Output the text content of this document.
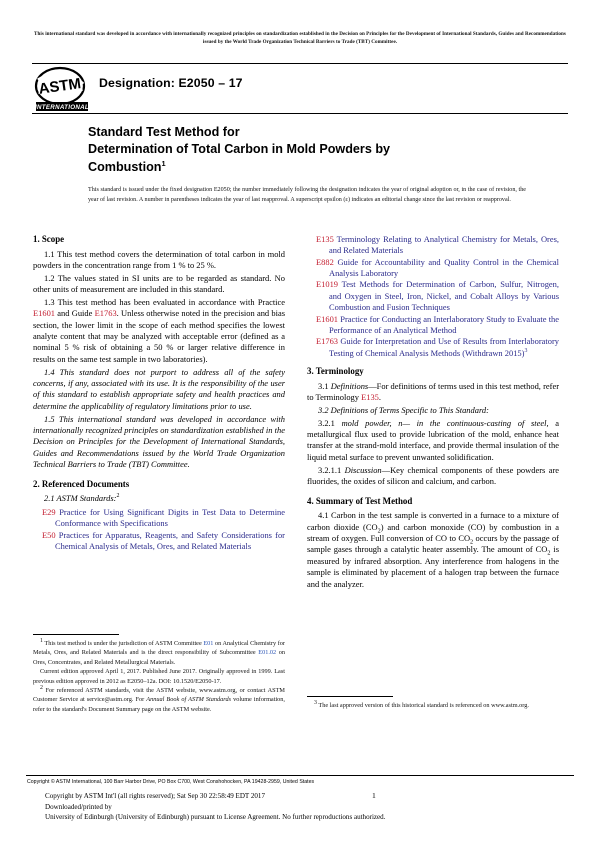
This international standard was developed in accordance with internationally recognized principles on standardization established in the Decision on Principles for the Development of International Standards, Guides and Recommendations issued by the World Trade Organization Technical Barriers to Trade (TBT) Committee.
ASTM
INTERNATIONAL
Designation: E2050 – 17
Standard Test Method for
Determination of Total Carbon in Mold Powders by
Combustion$^1$
This standard is issued under the fixed designation E2050; the number immediately following the designation indicates the year of original adoption or, in the case of revision, the year of last revision. A number in parentheses indicates the year of last reapproval. A superscript epsilon (ε) indicates an editorial change since the last revision or reapproval.
1. Scope

1.1 This test method covers the determination of total carbon in mold powders in the concentration range from 1 % to 25 %.

1.2 The values stated in SI units are to be regarded as standard. No other units of measurement are included in this standard.

1.3 This test method has been evaluated in accordance with Practice E1601 and Guide E1763. Unless otherwise noted in the precision and bias section, the lower limit in the scope of each method specifies the lowest analyte content that may be analyzed with acceptable error (defined as a nominal 5 % risk of obtaining a 50 % or larger relative difference in results on the same test sample in two laboratories).

1.4 This standard does not purport to address all of the safety concerns, if any, associated with its use. It is the responsibility of the user of this standard to establish appropriate safety and health practices and determine the applicability of regulatory limitations prior to use.

1.5 This international standard was developed in accordance with internationally recognized principles on standardization established in the Decision on Principles for the Development of International Standards, Guides and Recommendations issued by the World Trade Organization Technical Barriers to Trade (TBT) Committee.

2. Referenced Documents

2.1 ASTM Standards:$^2$

E29 Practice for Using Significant Digits in Test Data to Determine Conformance with Specifications
E50 Practices for Apparatus, Reagents, and Safety Considerations for Chemical Analysis of Metals, Ores, and Related Materials
E135 Terminology Relating to Analytical Chemistry for Metals, Ores, and Related Materials
E882 Guide for Accountability and Quality Control in the Chemical Analysis Laboratory
E1019 Test Methods for Determination of Carbon, Sulfur, Nitrogen, and Oxygen in Steel, Iron, Nickel, and Cobalt Alloys by Various Combustion and Fusion Techniques
E1601 Practice for Conducting an Interlaboratory Study to Evaluate the Performance of an Analytical Method
E1763 Guide for Interpretation and Use of Results from Interlaboratory Testing of Chemical Analysis Methods (Withdrawn 2015)$^3$
3. Terminology

3.1 Definitions—For definitions of terms used in this test method, refer to Terminology E135.

3.2 Definitions of Terms Specific to This Standard:

3.2.1 mold powder, n— in the continuous-casting of steel, a metallurgical flux used to provide lubrication of the mold, enhance heat transfer at the strand-mold interface, and provide thermal insulation of the liquid metal surface to prevent unwanted solidification.

3.2.1.1 Discussion—Key chemical components of these powders are fluorides, the oxides of silicon and calcium, and carbon.

4. Summary of Test Method

4.1 Carbon in the test sample is converted in a furnace to a mixture of carbon dioxide $(CO_2)$ and carbon monoxide (CO) by combustion in a stream of oxygen. Full conversion of CO to $CO_2$ occurs by the passage of sample gases through a catalytic heater assembly. The amount of $CO_2$ is measured by infrared absorption. Any interference from halogens in the sample is eliminated by placement of a halogen trap between the furnace and the analyzer.

$^1$ This test method is under the jurisdiction of ASTM Committee E01 on Analytical Chemistry for Metals, Ores, and Related Materials and is the direct responsibility of Subcommittee E01.02 on Ores, Concentrates, and Related Metallurgical Materials.

Current edition approved April 1, 2017. Published June 2017. Originally approved in 1999. Last previous edition approved in 2012 as E2050–12a. DOI: 10.1520/E2050-17.

$^2$ For referenced ASTM standards, visit the ASTM website, www.astm.org, or contact ASTM Customer Service at service@astm.org. For Annual Book of ASTM Standards volume information, refer to the standard's Document Summary page on the ASTM website.

$^3$ The last approved version of this historical standard is referenced on www.astm.org.

Copyright © ASTM International, 100 Barr Harbor Drive, PO Box C700, West Conshohocken, PA 19428-2959, United States
Copyright by ASTM Int'l (all rights reserved); Sat Sep 30 22:58:49 EDT 2017
Downloaded/printed by
University of Edinburgh (University of Edinburgh) pursuant to License Agreement. No further reproductions authorized.
1
